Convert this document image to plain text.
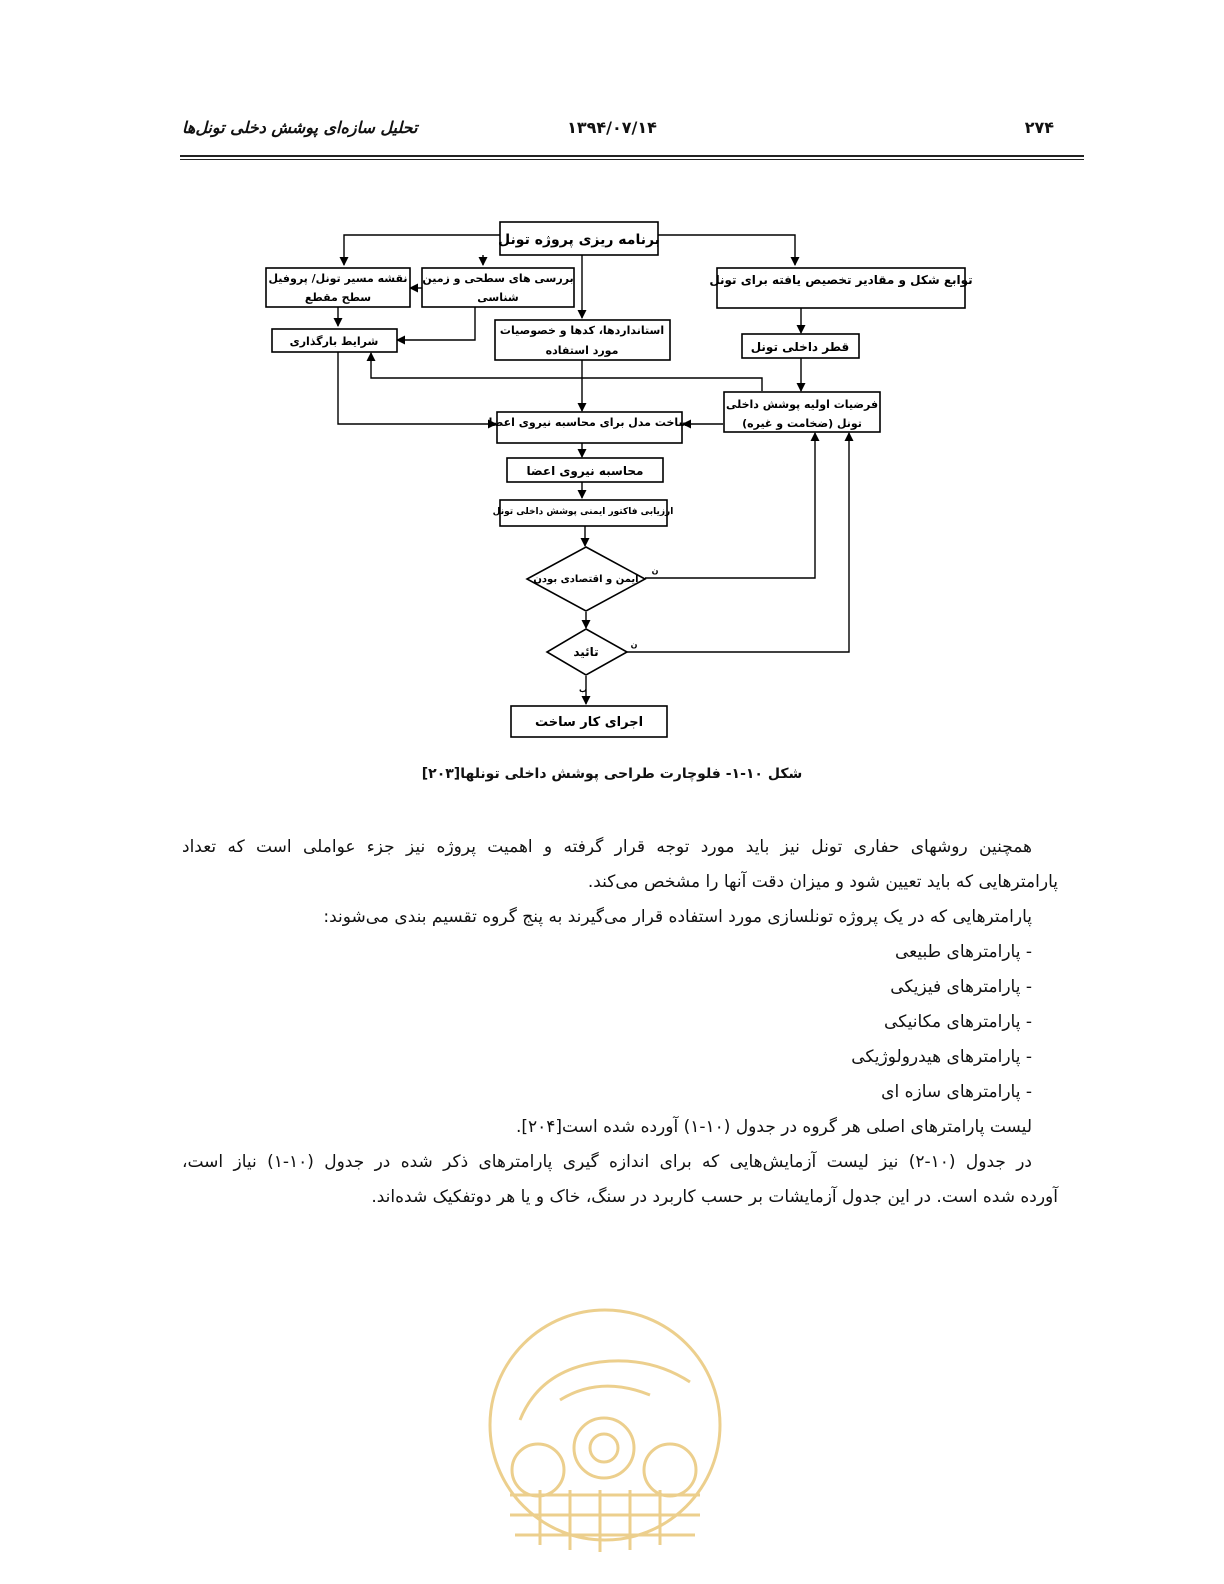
تحلیل سازه‌ای پوشش دخلی تونل‌ها	۱۳۹۴/۰۷/۱۴	۲۷۴
برنامه ریزی پروژه تونل
نقشه مسیر تونل/ پروفیل
سطح مقطع
بررسی های سطحی و زمین
شناسی
توابع شکل و مقادیر تخصیص یافته برای تونل
شرایط بارگذاری
استانداردها، کدها و خصوصیات
مورد استفاده	قطر داخلی تونل
فرضیات اولیه پوشش داخلی
تونل (ضخامت و غیره)
ساخت مدل برای محاسبه نیروی اعضا
محاسبه نیروی اعضا
ارزیابی فاکتور ایمنی پوشش داخلی تونل
ایمن و اقتصادی بودن
ن
تائید
ن
ب
اجرای کار ساخت
شکل ۱۰-۱- فلوچارت طراحی پوشش داخلی تونلها[۲۰۳]

همچنین روشهای حفاری تونل نیز باید مورد توجه قرار گرفته و اهمیت پروژه نیز جزء عواملی است که تعداد

پارامترهایی که باید تعیین شود و میزان دقت آنها را مشخص می‌کند.

پارامترهایی که در یک پروژه تونلسازی مورد استفاده قرار می‌گیرند به پنج گروه تقسیم بندی می‌شوند:

- پارامترهای طبیعی

- پارامترهای فیزیکی

- پارامترهای مکانیکی

- پارامترهای هیدرولوژیکی

- پارامترهای سازه ای

لیست پارامترهای اصلی هر گروه در جدول (۱۰-۱) آورده شده است[۲۰۴].

در جدول (۱۰-۲) نیز لیست آزمایش‌هایی که برای اندازه گیری پارامترهای ذکر شده در جدول (۱۰-۱) نیاز است،

آورده شده است. در این جدول آزمایشات بر حسب کاربرد در سنگ، خاک و یا هر دوتفکیک شده‌اند.
